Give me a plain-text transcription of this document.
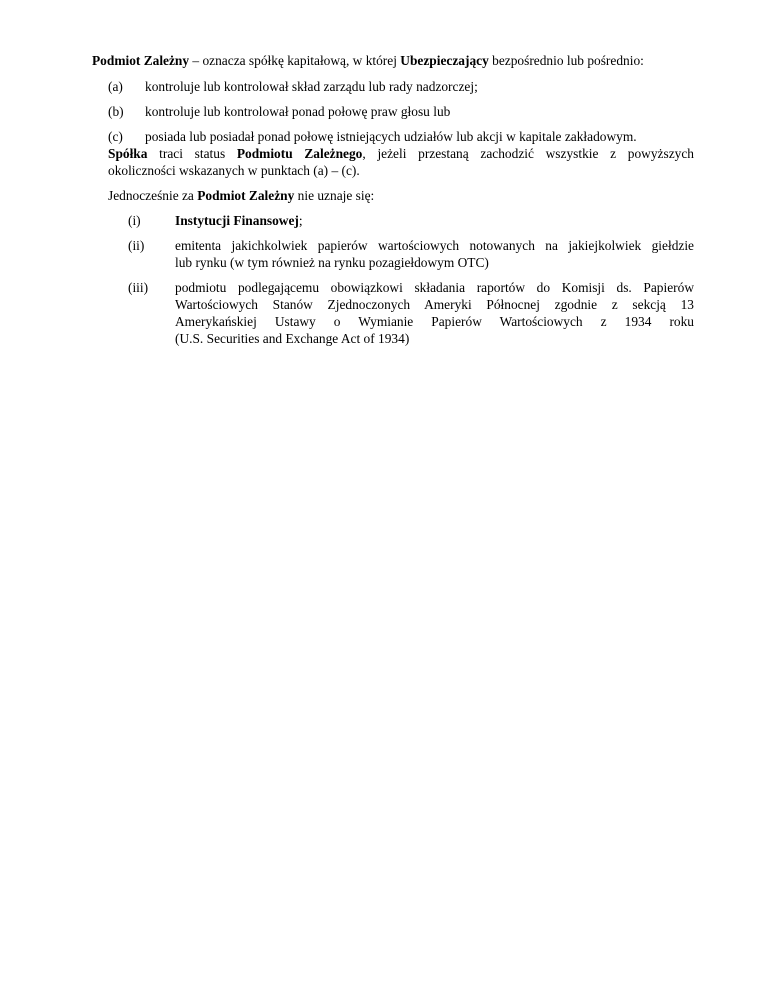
Podmiot Zależny – oznacza spółkę kapitałową, w której Ubezpieczający bezpośrednio lub pośrednio:
(a) kontroluje lub kontrolował skład zarządu lub rady nadzorczej;
(b) kontroluje lub kontrolował ponad połowę praw głosu lub
(c) posiada lub posiadał ponad połowę istniejących udziałów lub akcji w kapitale zakładowym.
Spółka traci status Podmiotu Zależnego, jeżeli przestaną zachodzić wszystkie z powyższych
okoliczności wskazanych w punktach (a) – (c).
Jednocześnie za Podmiot Zależny nie uznaje się:
(i)	Instytucji Finansowej;
(ii) emitenta jakichkolwiek papierów wartościowych notowanych na jakiejkolwiek giełdzie
lub rynku (w tym również na rynku pozagiełdowym OTC)
(iii) podmiotu podlegającemu obowiązkowi składania raportów do Komisji ds. Papierów
Wartościowych Stanów Zjednoczonych Ameryki Północnej zgodnie z sekcją 13
Amerykańskiej Ustawy o Wymianie Papierów Wartościowych z 1934 roku
(U.S. Securities and Exchange Act of 1934)
